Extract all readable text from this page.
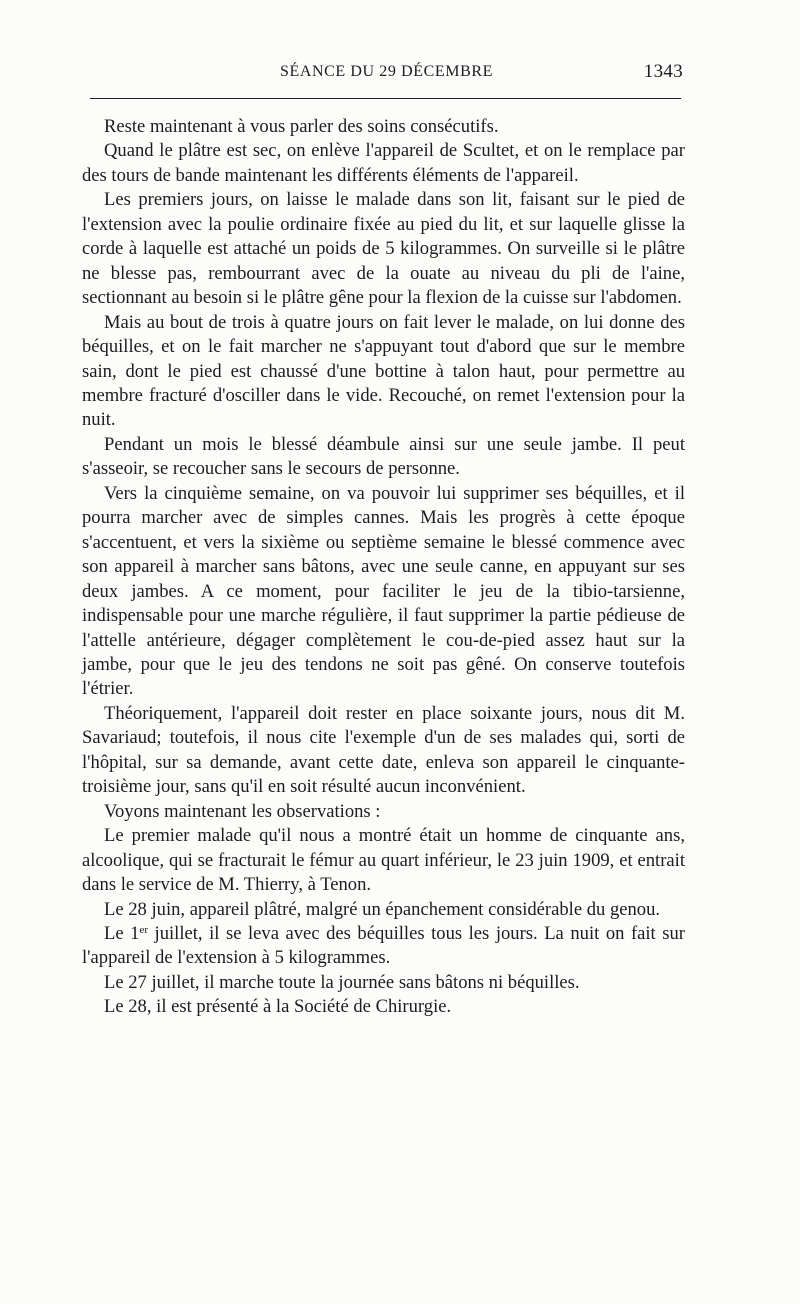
SÉANCE DU 29 DÉCEMBRE	1343

Reste maintenant à vous parler des soins consécutifs.

Quand le plâtre est sec, on enlève l'appareil de Scultet, et on le remplace par des tours de bande maintenant les différents éléments de l'appareil.

Les premiers jours, on laisse le malade dans son lit, faisant sur le pied de l'extension avec la poulie ordinaire fixée au pied du lit, et sur laquelle glisse la corde à laquelle est attaché un poids de 5 kilogrammes. On surveille si le plâtre ne blesse pas, rembourrant avec de la ouate au niveau du pli de l'aine, sectionnant au besoin si le plâtre gêne pour la flexion de la cuisse sur l'abdomen.

Mais au bout de trois à quatre jours on fait lever le malade, on lui donne des béquilles, et on le fait marcher ne s'appuyant tout d'abord que sur le membre sain, dont le pied est chaussé d'une bottine à talon haut, pour permettre au membre fracturé d'osciller dans le vide. Recouché, on remet l'extension pour la nuit.

Pendant un mois le blessé déambule ainsi sur une seule jambe. Il peut s'asseoir, se recoucher sans le secours de personne.

Vers la cinquième semaine, on va pouvoir lui supprimer ses béquilles, et il pourra marcher avec de simples cannes. Mais les progrès à cette époque s'accentuent, et vers la sixième ou septième semaine le blessé commence avec son appareil à marcher sans bâtons, avec une seule canne, en appuyant sur ses deux jambes. A ce moment, pour faciliter le jeu de la tibio-tarsienne, indispensable pour une marche régulière, il faut supprimer la partie pédieuse de l'attelle antérieure, dégager complètement le cou-de-pied assez haut sur la jambe, pour que le jeu des tendons ne soit pas gêné. On conserve toutefois l'étrier.

Théoriquement, l'appareil doit rester en place soixante jours, nous dit M. Savariaud; toutefois, il nous cite l'exemple d'un de ses malades qui, sorti de l'hôpital, sur sa demande, avant cette date, enleva son appareil le cinquante-troisième jour, sans qu'il en soit résulté aucun inconvénient.

Voyons maintenant les observations :

Le premier malade qu'il nous a montré était un homme de cinquante ans, alcoolique, qui se fracturait le fémur au quart inférieur, le 23 juin 1909, et entrait dans le service de M. Thierry, à Tenon.

Le 28 juin, appareil plâtré, malgré un épanchement considérable du genou.

Le 1er juillet, il se leva avec des béquilles tous les jours. La nuit on fait sur l'appareil de l'extension à 5 kilogrammes.

Le 27 juillet, il marche toute la journée sans bâtons ni béquilles.

Le 28, il est présenté à la Société de Chirurgie.
